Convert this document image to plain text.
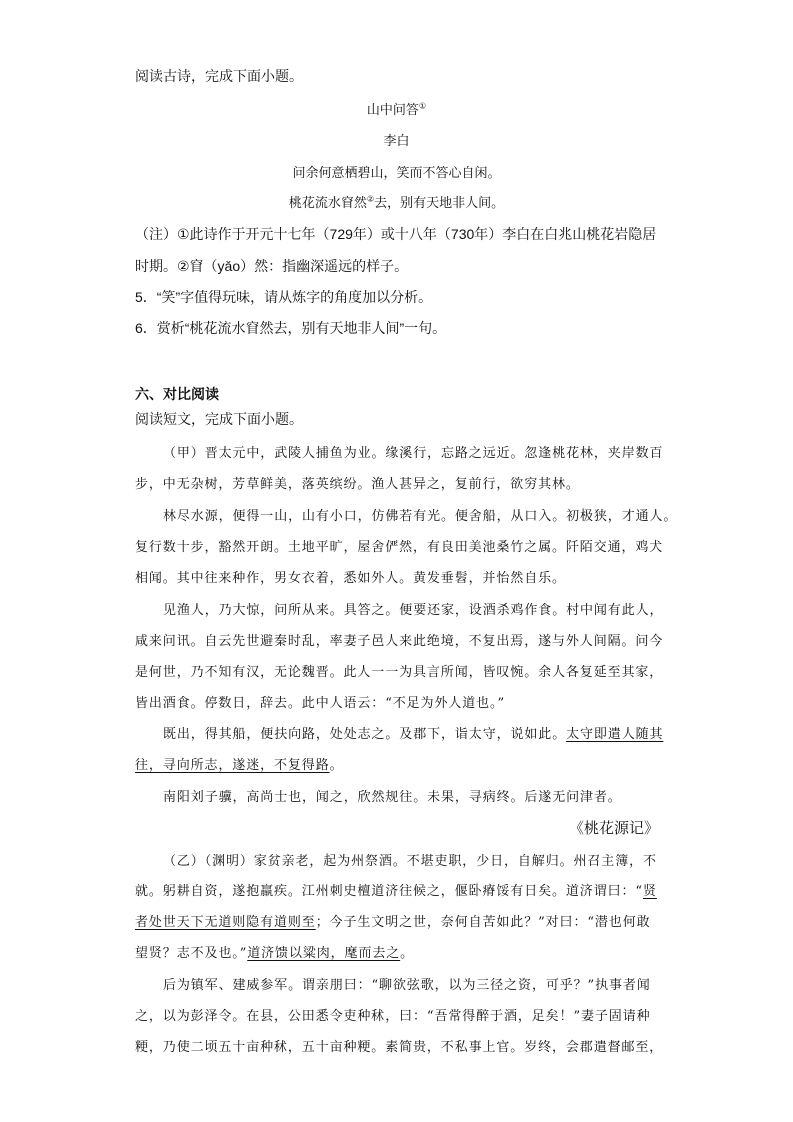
阅读古诗，完成下面小题。
山中问答①
李白
问余何意栖碧山，笑而不答心自闲。
桃花流水窅然②去，别有天地非人间。
（注）①此诗作于开元十七年（729年）或十八年（730年）李白在白兆山桃花岩隐居
时期。②窅（yǎo）然：指幽深遥远的样子。
5．“笑”字值得玩味，请从炼字的角度加以分析。
6．赏析“桃花流水窅然去，别有天地非人间”一句。
六、对比阅读
阅读短文，完成下面小题。
（甲）晋太元中，武陵人捕鱼为业。缘溪行，忘路之远近。忽逢桃花林，夹岸数百
步，中无杂树，芳草鲜美，落英缤纷。渔人甚异之，复前行，欲穷其林。
林尽水源，便得一山，山有小口，仿佛若有光。便舍船，从口入。初极狭，才通人。
复行数十步，豁然开朗。土地平旷，屋舍俨然，有良田美池桑竹之属。阡陌交通，鸡犬
相闻。其中往来种作，男女衣着，悉如外人。黄发垂髫，并怡然自乐。
见渔人，乃大惊，问所从来。具答之。便要还家，设酒杀鸡作食。村中闻有此人，
咸来问讯。自云先世避秦时乱，率妻子邑人来此绝境，不复出焉，遂与外人间隔。问今
是何世，乃不知有汉，无论魏晋。此人一一为具言所闻，皆叹惋。余人各复延至其家，
皆出酒食。停数日，辞去。此中人语云：“不足为外人道也。”
既出，得其船，便扶向路，处处志之。及郡下，诣太守，说如此。太守即遣人随其
往，寻向所志，遂迷，不复得路。
南阳刘子骥，高尚士也，闻之，欣然规往。未果，寻病终。后遂无问津者。
《桃花源记》
（乙）（渊明）家贫亲老，起为州祭酒。不堪吏职，少日，自解归。州召主簿，不
就。躬耕自资，遂抱羸疾。江州刺史檀道济往候之，偃卧瘠馁有日矣。道济谓曰：“贤
者处世天下无道则隐有道则至；今子生文明之世，奈何自苦如此？”对曰：“潜也何敢
望贤？志不及也。”道济馈以粱肉，麾而去之。
后为镇军、建威参军。谓亲朋曰：“聊欲弦歌，以为三径之资，可乎？”执事者闻
之，以为彭泽令。在县，公田悉令吏种秫，曰：“吾常得醉于酒，足矣！”妻子固请种
粳，乃使二顷五十亩种秫，五十亩种粳。素简贵，不私事上官。岁终，会郡遣督邮至，
